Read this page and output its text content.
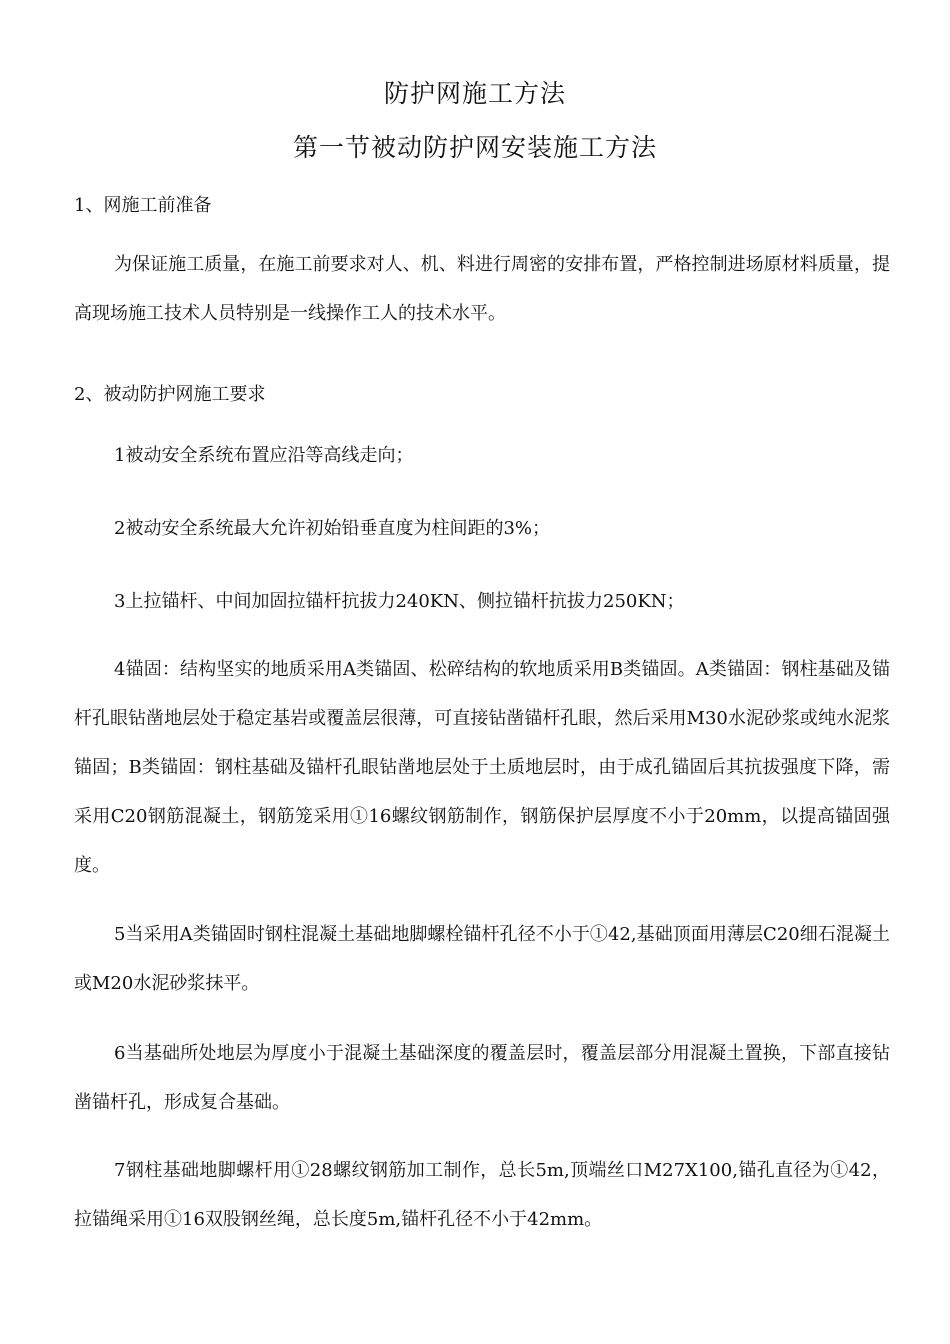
防护网施工方法
第一节被动防护网安装施工方法
1、网施工前准备

为保证施工质量，在施工前要求对人、机、料进行周密的安排布置，严格控制进场原材料质量，提高现场施工技术人员特别是一线操作工人的技术水平。

2、被动防护网施工要求

1被动安全系统布置应沿等高线走向；

2被动安全系统最大允许初始铅垂直度为柱间距的3%；

3上拉锚杆、中间加固拉锚杆抗拔力240KN、侧拉锚杆抗拔力250KN；

4锚固：结构坚实的地质采用A类锚固、松碎结构的软地质采用B类锚固。A类锚固：钢柱基础及锚杆孔眼钻凿地层处于稳定基岩或覆盖层很薄，可直接钻凿锚杆孔眼，然后采用M30水泥砂浆或纯水泥浆锚固；B类锚固：钢柱基础及锚杆孔眼钻凿地层处于土质地层时，由于成孔锚固后其抗拔强度下降，需采用C20钢筋混凝土，钢筋笼采用①16螺纹钢筋制作，钢筋保护层厚度不小于20mm，以提高锚固强度。

5当采用A类锚固时钢柱混凝土基础地脚螺栓锚杆孔径不小于①42,基础顶面用薄层C20细石混凝土或M20水泥砂浆抹平。

6当基础所处地层为厚度小于混凝土基础深度的覆盖层时，覆盖层部分用混凝土置换，下部直接钻凿锚杆孔，形成复合基础。

7钢柱基础地脚螺杆用①28螺纹钢筋加工制作，总长5m,顶端丝口M27X100,锚孔直径为①42，拉锚绳采用①16双股钢丝绳，总长度5m,锚杆孔径不小于42mm。
